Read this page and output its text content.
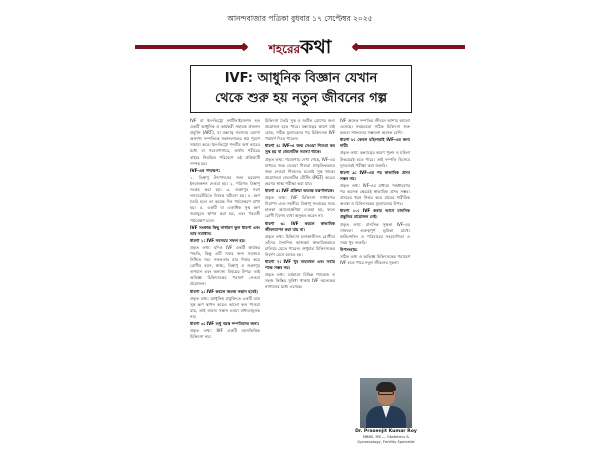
আনন্দবাজার পত্রিকা বুধবার ১৭ সেপ্টেম্বর ২০২৫
শহরেরকথা
IVF: আধুনিক বিজ্ঞান যেখান
থেকে শুরু হয় নতুন জীবনের গল্প
IVF বা ইন-ভিট্রো ফার্টিলাইজেশন হল একটি আধুনিক ও কার্যকরী সহায়ক প্রজনন প্রযুক্তি (ART), যা বন্ধ্যাত্ব সমস্যায় ভোগা অসংখ্য দম্পতিকে সন্তানলাভের স্বপ্ন পূরণে সাহায্য করে। ইন-ভিট্রো শব্দটির অর্থ কাচের মধ্যে বা গবেষণাগারে, অর্থাৎ শরীরের বাইরে নিয়ন্ত্রিত পরিবেশে এই প্রক্রিয়াটি সম্পন্ন হয়।
IVF-এর পদক্ষেপ:
১. ডিম্বাণু উৎপাদনের জন্য হরমোন ইনজেকশন দেওয়া হয়। ২. পরিণত ডিম্বাণু সংগ্রহ করা হয়। ৩. শুক্রাণুর সঙ্গে ল্যাবরেটরিতে নিষেক ঘটানো হয়। ৪. ভ্রূণ তৈরি হলে তা কয়েক দিন পর্যবেক্ষণে রাখা হয়। ৫. একটি বা একাধিক সুস্থ ভ্রূণ জরায়ুতে স্থাপন করা হয়, এবং পরবর্তী পর্যবেক্ষণ চলে।
IVF সংক্রান্ত কিছু সাধারণ ভুল ধারণা এবং তার সমাধান:
ধারণা ১: IVF সবসময় সফল হয়।
প্রকৃত তথ্য: যদিও IVF একটি কার্যকর পদ্ধতি, কিন্তু এটি সবার জন্য সবসময় নিশ্চিত নয়। সফলতার হার নির্ভর করে রোগীর বয়স, স্বাস্থ্য, ডিম্বাণু ও শুক্রাণুর গুণমান এবং অন্যান্য বিষয়ের উপর। তাই অভিজ্ঞ চিকিৎসকের পরামর্শ নেওয়া প্রয়োজন।
ধারণা ২: IVF করলে জমজ সন্তান হবেই।
প্রকৃত তথ্য: আধুনিক প্রযুক্তিতে একটি মাত্র সুস্থ ভ্রূণ স্থাপন করেও ভালো ফল পাওয়া যায়, তাই জমজ সন্তান হওয়া বাধ্যতামূলক নয়।
ধারণা ৩: IVF শুধু বয়স্ক দম্পতিদের জন্য।
প্রকৃত তথ্য: IVF একটি বয়সভিত্তিক চিকিৎসা নয়।
চিকিৎসা তৈরি সুস্থ ও জটিল রোগের জন্য প্রয়োজন হতে পারে। বন্ধ্যাত্বের কারণ যাই হোক, সঠিক মূল্যায়নের পর চিকিৎসক IVF পরামর্শ দিতে পারেন।
ধারণা ৪: IVF-এ জন্ম নেওয়া শিশুরা কম সুস্থ হয় বা জেনেটিক সমস্যা থাকে।
প্রকৃত তথ্য: গবেষণায় দেখা গেছে, IVF-এর মাধ্যমে জন্ম নেওয়া শিশুরা প্রাকৃতিকভাবে জন্ম নেওয়া শিশুদের মতোই সুস্থ থাকে। প্রয়োজনে জেনেটিক টেস্টিং (PGT) করেও ভ্রূণের স্বাস্থ্য পরীক্ষা করা যায়।
ধারণা ৫: IVF প্রক্রিয়া অত্যন্ত যন্ত্রণাদায়ক।
প্রকৃত তথ্য: IVF চিকিৎসা সাধারণত নিরাপদ এবং সহনীয়। ডিম্বাণু সংগ্রহের সময় হালকা অ্যানেস্থেশিয়া দেওয়া হয়, ফলে রোগী বিশেষ ব্যথা অনুভব করেন না।
ধারণা ৬: IVF করলে স্বাভাবিক জীবনযাপন করা যায় না।
প্রকৃত তথ্য: চিকিৎসা চলাকালীনও রোগীরা তাঁদের দৈনন্দিন কাজকর্ম স্বাভাবিকভাবে চালিয়ে যেতে পারেন। শুধুমাত্র চিকিৎসকের নির্দেশ মেনে চলতে হয়।
ধারণা ৭: IVF খুব ব্যয়বহুল এবং সবার পক্ষে সম্ভব নয়।
প্রকৃত তথ্য: বর্তমানে বিভিন্ন প্যাকেজ ও সহজ কিস্তির সুবিধা থাকায় IVF অনেকের নাগালের মধ্যে এসেছে।
IVF অনেক দম্পতির জীবনে আশার আলো এনেছে। সময়মতো সঠিক চিকিৎসা শুরু করলে সাফল্যের সম্ভাবনা অনেক বেশি।
ধারণা ৮: কেবল মহিলারাই IVF-এর জন্য দায়ী।
প্রকৃত তথ্য: বন্ধ্যাত্বের কারণ পুরুষ ও মহিলা উভয়েরই হতে পারে। তাই দম্পতি হিসেবে দুজনেরই পরীক্ষা করা জরুরি।
ধারণা ৯: IVF-এর পর স্বাভাবিক প্রসব সম্ভব নয়।
প্রকৃত তথ্য: IVF-এর মাধ্যমে গর্ভধারণের পর অনেক ক্ষেত্রেই স্বাভাবিক প্রসব সম্ভব। প্রসবের ধরন নির্ভর করে মায়ের শারীরিক অবস্থা ও চিকিৎসকের মূল্যায়নের উপর।
ধারণা ১০: IVF করার আগে মানসিক প্রস্তুতির প্রয়োজন নেই।
প্রকৃত তথ্য: মানসিক সুস্থতা IVF-এর সাফল্যে গুরুত্বপূর্ণ ভূমিকা রাখে। কাউন্সেলিং ও পরিবারের সহযোগিতা এ সময় খুব জরুরি।
উপসংহার:
সঠিক তথ্য ও অভিজ্ঞ চিকিৎসকের পরামর্শে IVF হতে পারে নতুন জীবনের সূচনা।
Dr. Prasenjit Kumar Roy
MBBS, MS — Obstetrics & Gynaecology, Fertility Specialist
